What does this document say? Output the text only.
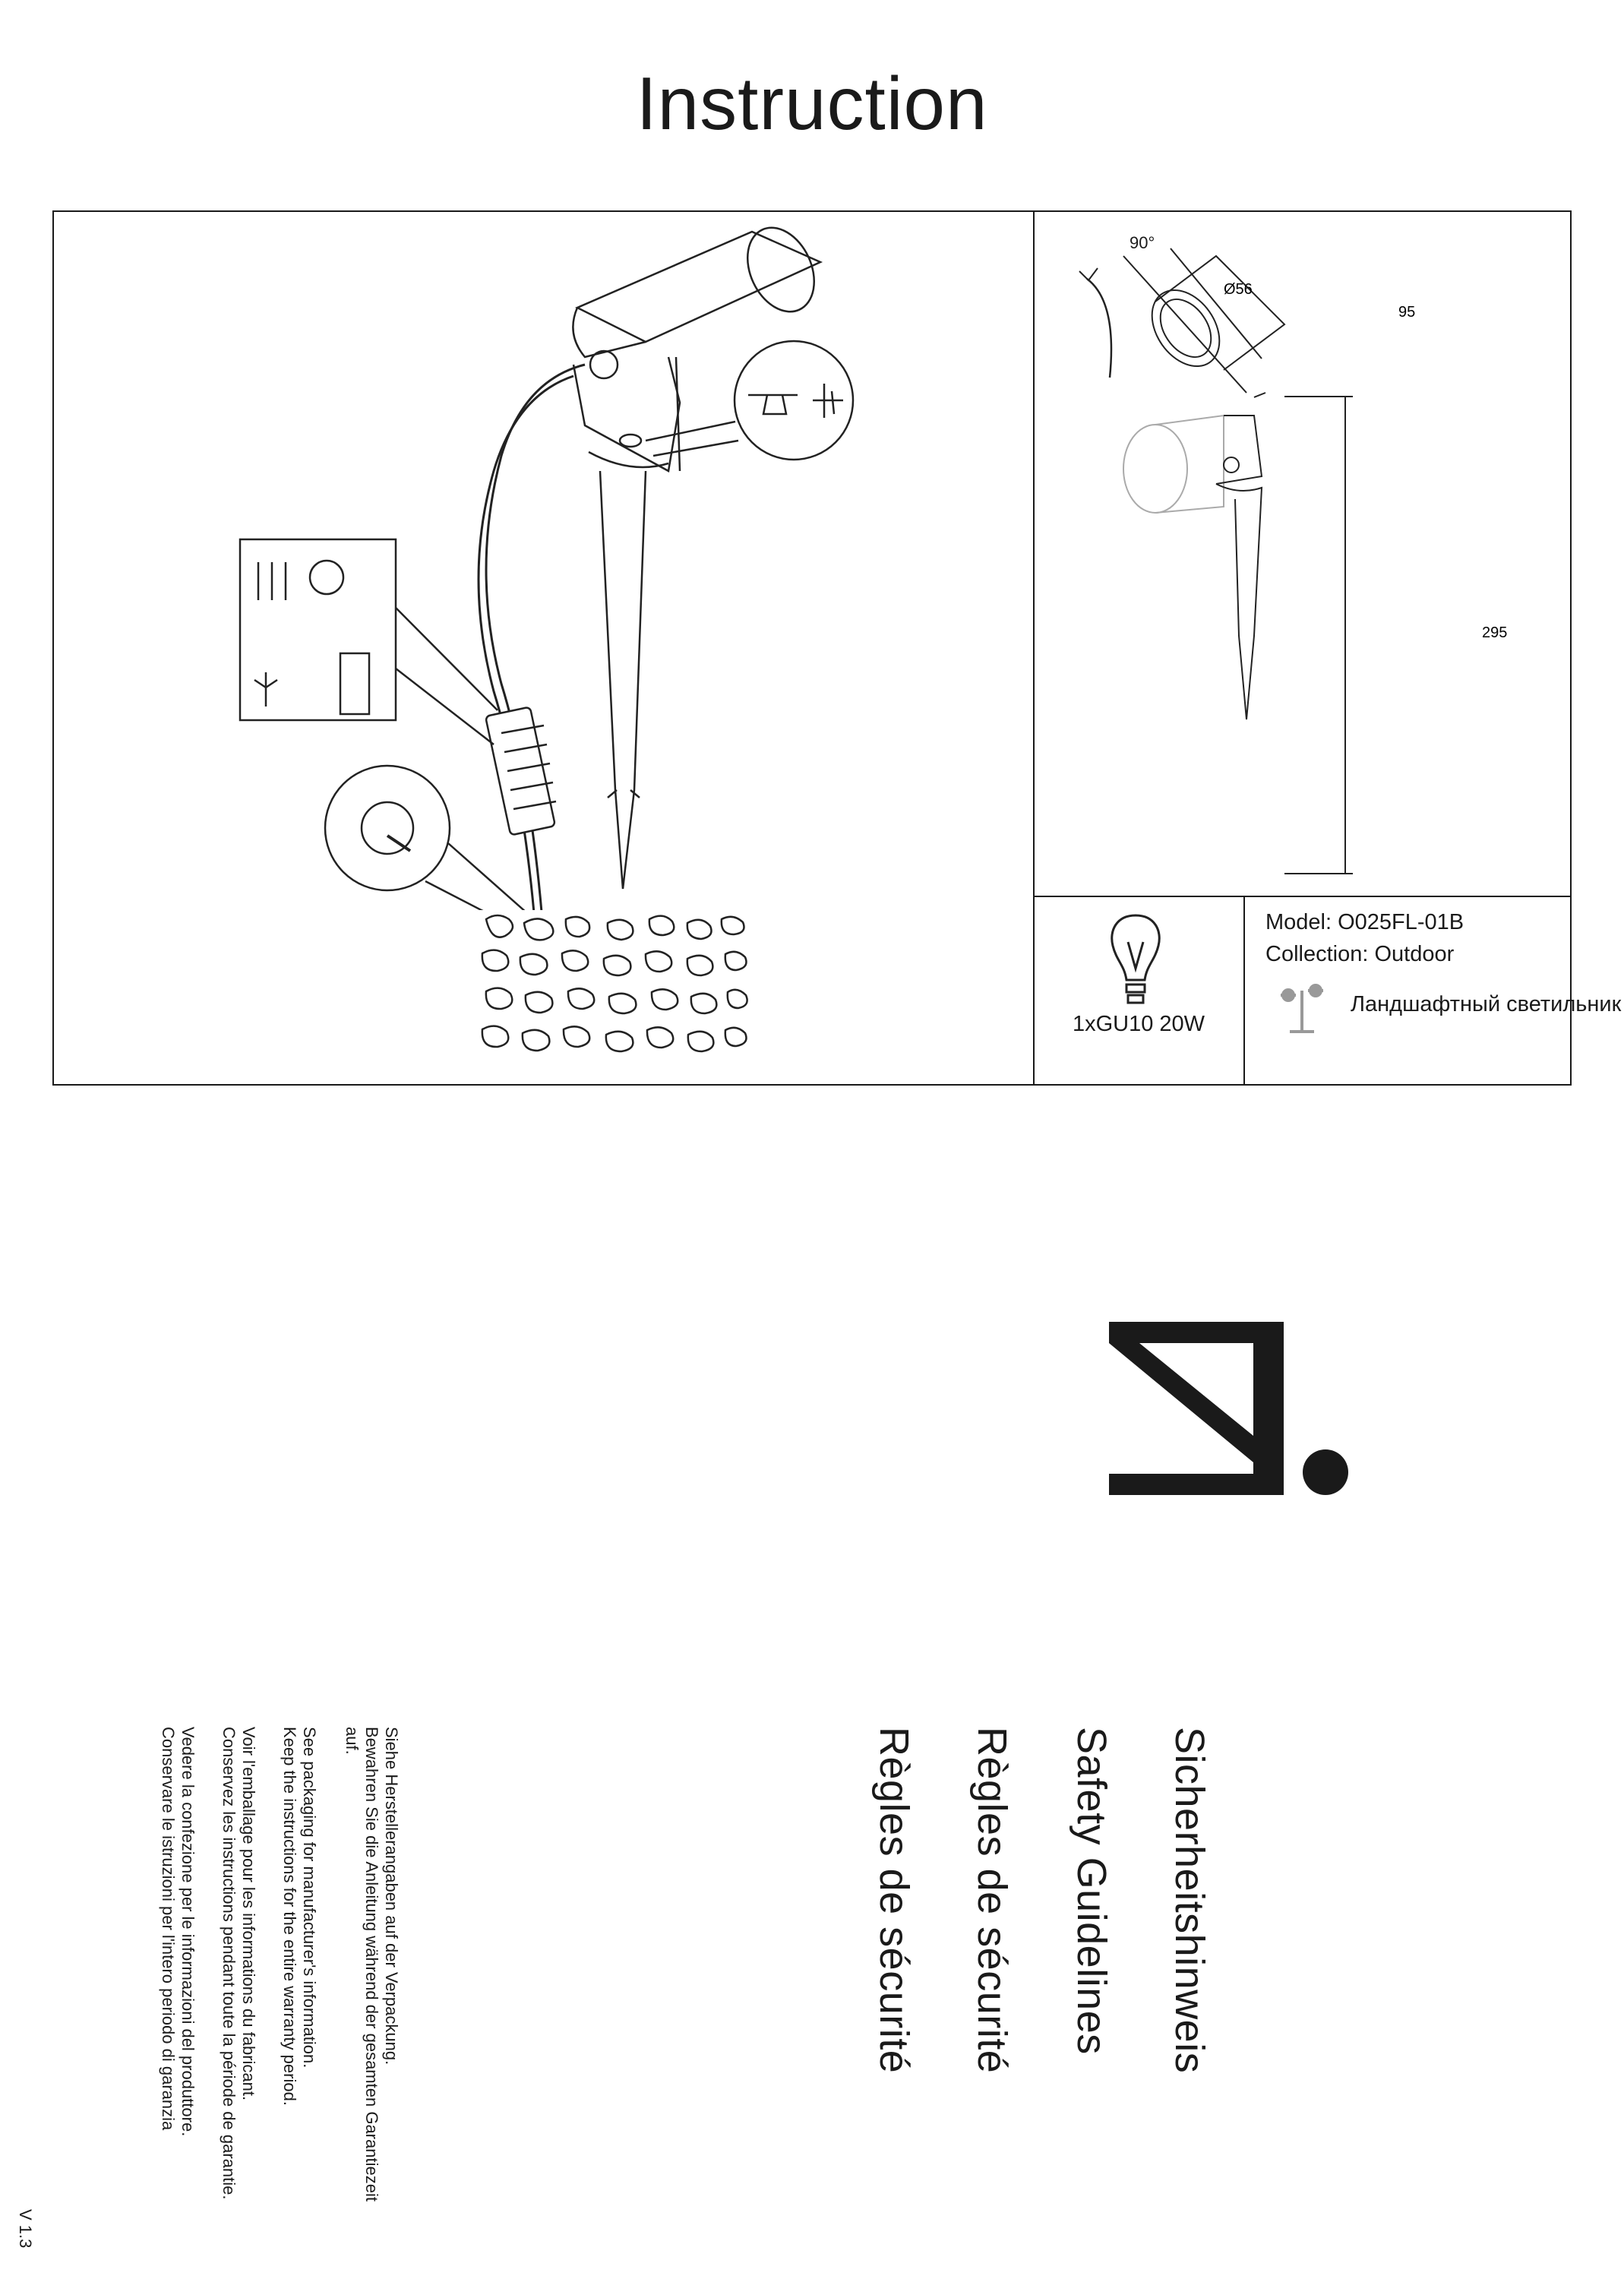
Instruction
Ø56
95
295
90°
1xGU10 20W
Model: O025FL-01B
Collection: Outdoor
Ландшафтный светильник
Sicherheitshinweis
Safety Guidelines
Règles de sécurité
Règles de sécurité
Siehe Herstellerangaben auf der Verpackung.
Bewahren Sie die Anleitung während der gesamten Garantiezeit
auf.
See packaging for manufacturer's information.
Keep the instructions for the entire warranty period.
Voir l'emballage pour les informations du fabricant.
Conservez les instructions pendant toute la période de garantie.
Vedere la confezione per le informazioni del produttore.
Conservare le istruzioni per l'intero periodo di garanzia
V 1.3
